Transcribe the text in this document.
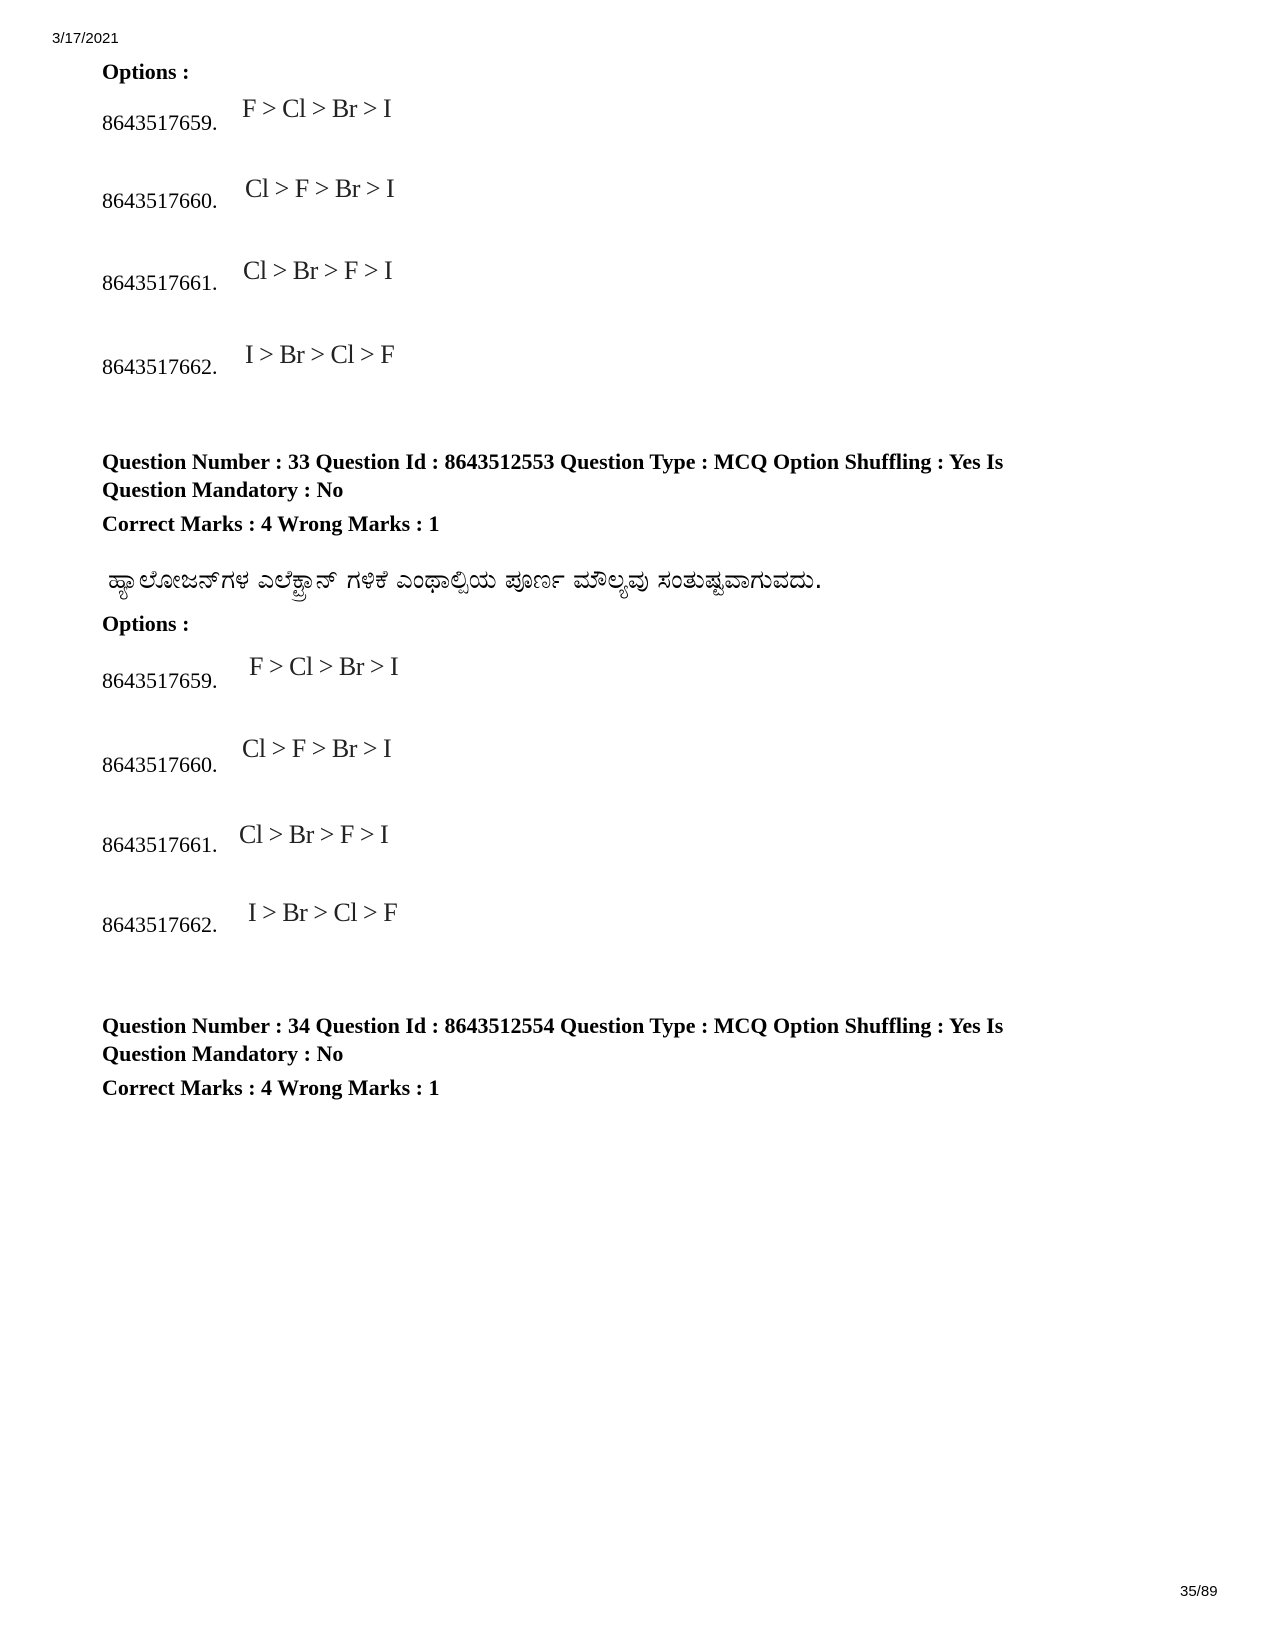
3/17/2021
Options :
8643517659. F > Cl > Br > I
8643517660. Cl > F > Br > I
8643517661. Cl > Br > F > I
8643517662. I > Br > Cl > F
Question Number : 33 Question Id : 8643512553 Question Type : MCQ Option Shuffling : Yes Is
Question Mandatory : No
Correct Marks : 4 Wrong Marks : 1
ಹ್ಯಾಲೋಜನ್‌ಗಳ ಎಲೆಕ್ಟ್ರಾನ್ ಗಳಿಕೆ ಎಂಥಾಲ್ಪಿಯ ಪೂರ್ಣ ಮೌಲ್ಯವು ಸಂತುಷ್ಟವಾಗುವದು.
Options :
8643517659. F > Cl > Br > I
8643517660.
Cl > F > Br > I
8643517661. Cl > Br > F > I
8643517662. I > Br > Cl > F
Question Number : 34 Question Id : 8643512554 Question Type : MCQ Option Shuffling : Yes Is
Question Mandatory : No
Correct Marks : 4 Wrong Marks : 1
35/89
